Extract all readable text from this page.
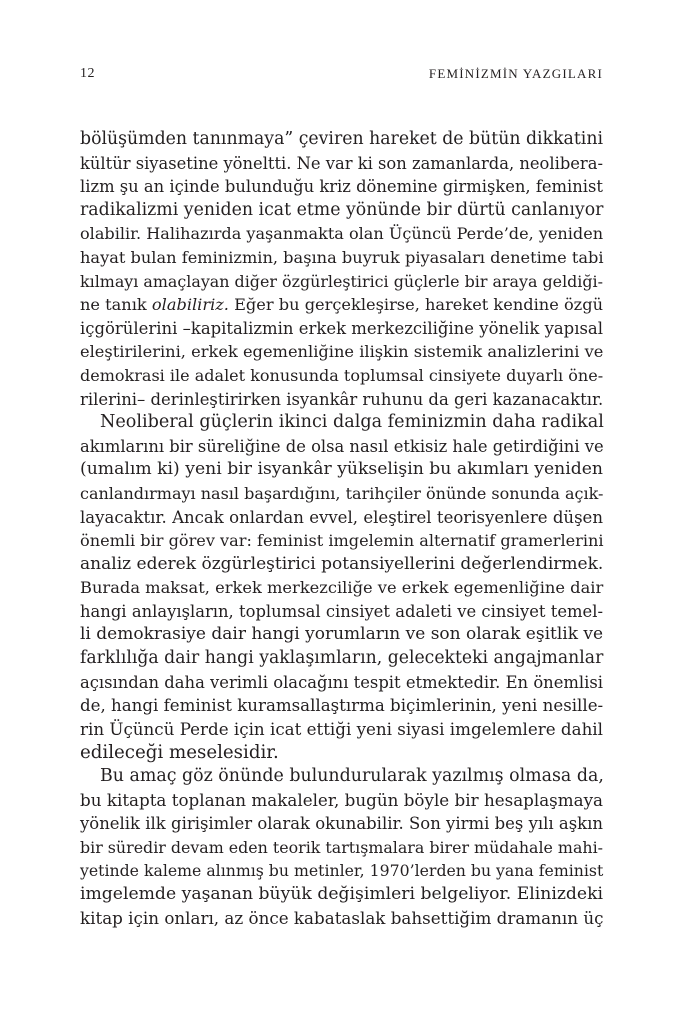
12	FEMİNİZMİN YAZGILARI
bölüşümden tanınmaya” çeviren hareket de bütün dikkatini
kültür siyasetine yöneltti. Ne var ki son zamanlarda, neolibera-
lizm şu an içinde bulunduğu kriz dönemine girmişken, feminist
radikalizmi yeniden icat etme yönünde bir dürtü canlanıyor
olabilir. Halihazırda yaşanmakta olan Üçüncü Perde’de, yeniden
hayat bulan feminizmin, başına buyruk piyasaları denetime tabi
kılmayı amaçlayan diğer özgürleştirici güçlerle bir araya geldiği-
ne tanık olabiliriz. Eğer bu gerçekleşirse, hareket kendine özgü
içgörülerini –kapitalizmin erkek merkezciliğine yönelik yapısal
eleştirilerini, erkek egemenliğine ilişkin sistemik analizlerini ve
demokrasi ile adalet konusunda toplumsal cinsiyete duyarlı öne-
rilerini– derinleştirirken isyankâr ruhunu da geri kazanacaktır.
Neoliberal güçlerin ikinci dalga feminizmin daha radikal
akımlarını bir süreliğine de olsa nasıl etkisiz hale getirdiğini ve
(umalım ki) yeni bir isyankâr yükselişin bu akımları yeniden
canlandırmayı nasıl başardığını, tarihçiler önünde sonunda açık-
layacaktır. Ancak onlardan evvel, eleştirel teorisyenlere düşen
önemli bir görev var: feminist imgelemin alternatif gramerlerini
analiz ederek özgürleştirici potansiyellerini değerlendirmek.
Burada maksat, erkek merkezciliğe ve erkek egemenliğine dair
hangi anlayışların, toplumsal cinsiyet adaleti ve cinsiyet temel-
li demokrasiye dair hangi yorumların ve son olarak eşitlik ve
farklılığa dair hangi yaklaşımların, gelecekteki angajmanlar
açısından daha verimli olacağını tespit etmektedir. En önemlisi
de, hangi feminist kuramsallaştırma biçimlerinin, yeni nesille-
rin Üçüncü Perde için icat ettiği yeni siyasi imgelemlere dahil
edileceği meselesidir.
Bu amaç göz önünde bulundurularak yazılmış olmasa da,
bu kitapta toplanan makaleler, bugün böyle bir hesaplaşmaya
yönelik ilk girişimler olarak okunabilir. Son yirmi beş yılı aşkın
bir süredir devam eden teorik tartışmalara birer müdahale mahi-
yetinde kaleme alınmış bu metinler, 1970’lerden bu yana feminist
imgelemde yaşanan büyük değişimleri belgeliyor. Elinizdeki
kitap için onları, az önce kabataslak bahsettiğim dramanın üç
